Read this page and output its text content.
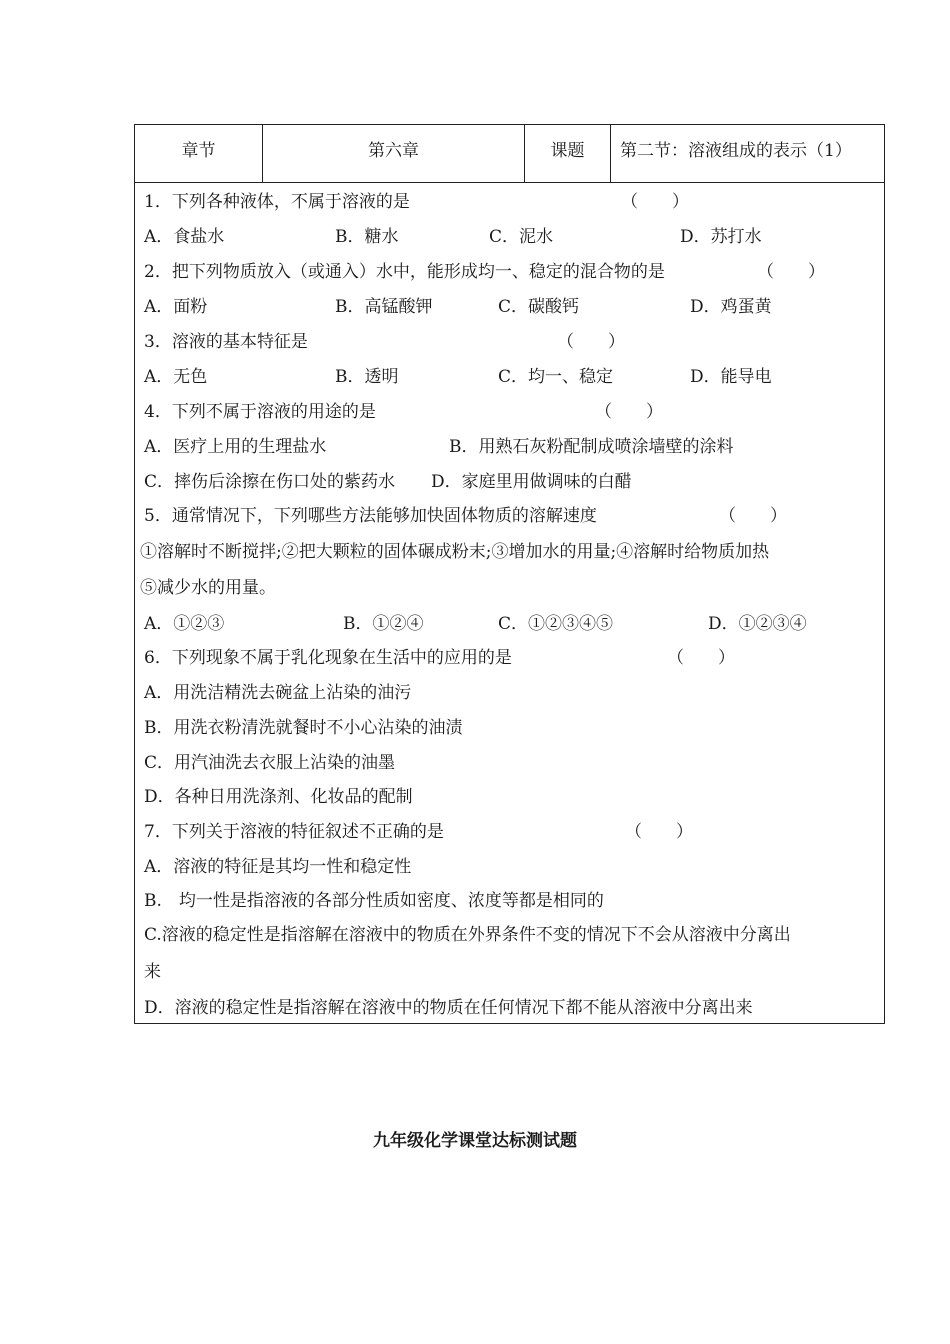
章节	第六章	课题	第二节：溶液组成的表示（1）
1．下列各种液体，不属于溶液的是	（　　）
A．食盐水	B．糖水	C．泥水	D．苏打水
2．把下列物质放入（或通入）水中，能形成均一、稳定的混合物的是	（　　）
A．面粉	B．高锰酸钾	C．碳酸钙	D．鸡蛋黄
3．溶液的基本特征是	（　　）
A．无色	B．透明	C．均一、稳定	D．能导电
4．下列不属于溶液的用途的是	（　　）
A．医疗上用的生理盐水	B．用熟石灰粉配制成喷涂墙壁的涂料
C．摔伤后涂擦在伤口处的紫药水 D．家庭里用做调味的白醋
5．通常情况下，下列哪些方法能够加快固体物质的溶解速度	（　　）
①溶解时不断搅拌;②把大颗粒的固体碾成粉末;③增加水的用量;④溶解时给物质加热
⑤减少水的用量。
A．①②③	B．①②④	C．①②③④⑤	D．①②③④
6．下列现象不属于乳化现象在生活中的应用的是	（　　）
A．用洗洁精洗去碗盆上沾染的油污
B．用洗衣粉清洗就餐时不小心沾染的油渍
C．用汽油洗去衣服上沾染的油墨
D．各种日用洗涤剂、化妆品的配制
7．下列关于溶液的特征叙述不正确的是	（　　）
A．溶液的特征是其均一性和稳定性
B.　均一性是指溶液的各部分性质如密度、浓度等都是相同的
C.溶液的稳定性是指溶解在溶液中的物质在外界条件不变的情况下不会从溶液中分离出
来
D．溶液的稳定性是指溶解在溶液中的物质在任何情况下都不能从溶液中分离出来
九年级化学课堂达标测试题
